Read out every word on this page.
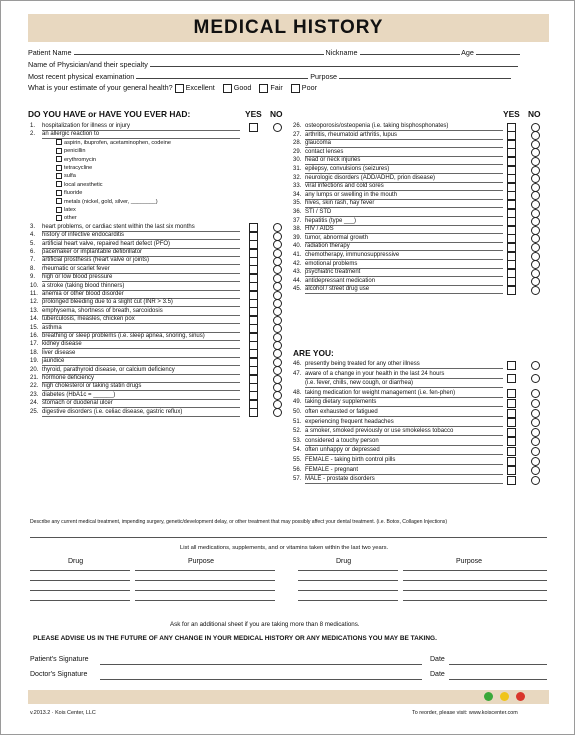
MEDICAL HISTORY
Patient Name	Nickname	Age
Name of Physician/and their specialty
Most recent physical examination	Purpose
What is your estimate of your general health? Excellent	Good	Fair	Poor
DO YOU HAVE or HAVE YOU EVER HAD:	YES NO	YES NO
1. hospitalization for illness or injury
2. an allergic reaction to
aspirin, ibuprofen, acetaminophen, codeine
penicillin
erythromycin
tetracycline
sulfa
local anesthetic
fluoride
metals (nickel, gold, silver, ________)
latex
other
3. heart problems, or cardiac stent within the last six months
4. history of infective endocarditis
5. artificial heart valve, repaired heart defect (PFO)
6. pacemaker or implantable defibrillator
7. artificial prosthesis (heart valve or joints)
8. rheumatic or scarlet fever
9. high or low blood pressure
10. a stroke (taking blood thinners)
11. anemia or other blood disorder
12. prolonged bleeding due to a slight cut (INR > 3.5)
13. emphysema, shortness of breath, sarcoidosis
14. tuberculosis, measles, chicken pox
15. asthma
16. breathing or sleep problems (i.e. sleep apnea, snoring, sinus)
17. kidney disease
18. liver disease
19. jaundice
20. thyroid, parathyroid disease, or calcium deficiency
21. hormone deficiency
22. high cholesterol or taking statin drugs
23. diabetes (HbA1c = ______)
24. stomach or duodenal ulcer
25. digestive disorders (i.e. celiac disease, gastric reflux)
26. osteoporosis/osteopenia (i.e. taking bisphosphonates)
27. arthritis, rheumatoid arthritis, lupus
28. glaucoma
29. contact lenses
30. head or neck injuries
31. epilepsy, convulsions (seizures)
32. neurologic disorders (ADD/ADHD, prion disease)
33. viral infections and cold sores
34. any lumps or swelling in the mouth
35. hives, skin rash, hay fever
36. STI / STD
37. hepatitis (type ___)
38. HIV / AIDS
39. tumor, abnormal growth
40. radiation therapy
41. chemotherapy, immunosuppressive
42. emotional problems
43. psychiatric treatment
44. antidepressant medication
45. alcohol / street drug use
46. presently being treated for any other illness
47. aware of a change in your health in the last 24 hours
(i.e. fever, chills, new cough, or diarrhea)
48. taking medication for weight management (i.e. fen-phen)
49. taking dietary supplements
50. often exhausted or fatigued
51. experiencing frequent headaches
52. a smoker, smoked previously or use smokeless tobacco
53. considered a touchy person
54. often unhappy or depressed
55. FEMALE - taking birth control pills
56. FEMALE - pregnant
57. MALE - prostate disorders
ARE YOU:
Describe any current medical treatment, impending surgery, genetic/development delay, or other treatment that may possibly affect your dental treatment. (i.e. Botox, Collagen Injections)
List all medications, supplements, and or vitamins taken within the last two years.
Drug	Purpose	Drug	Purpose
Ask for an additional sheet if you are taking more than 8 medications.
PLEASE ADVISE US IN THE FUTURE OF ANY CHANGE IN YOUR MEDICAL HISTORY OR ANY MEDICATIONS YOU MAY BE TAKING.
Patient's Signature	Date
Doctor's Signature	Date
v.2013.2 · Kois Center, LLC	To reorder, please visit: www.koiscenter.com
